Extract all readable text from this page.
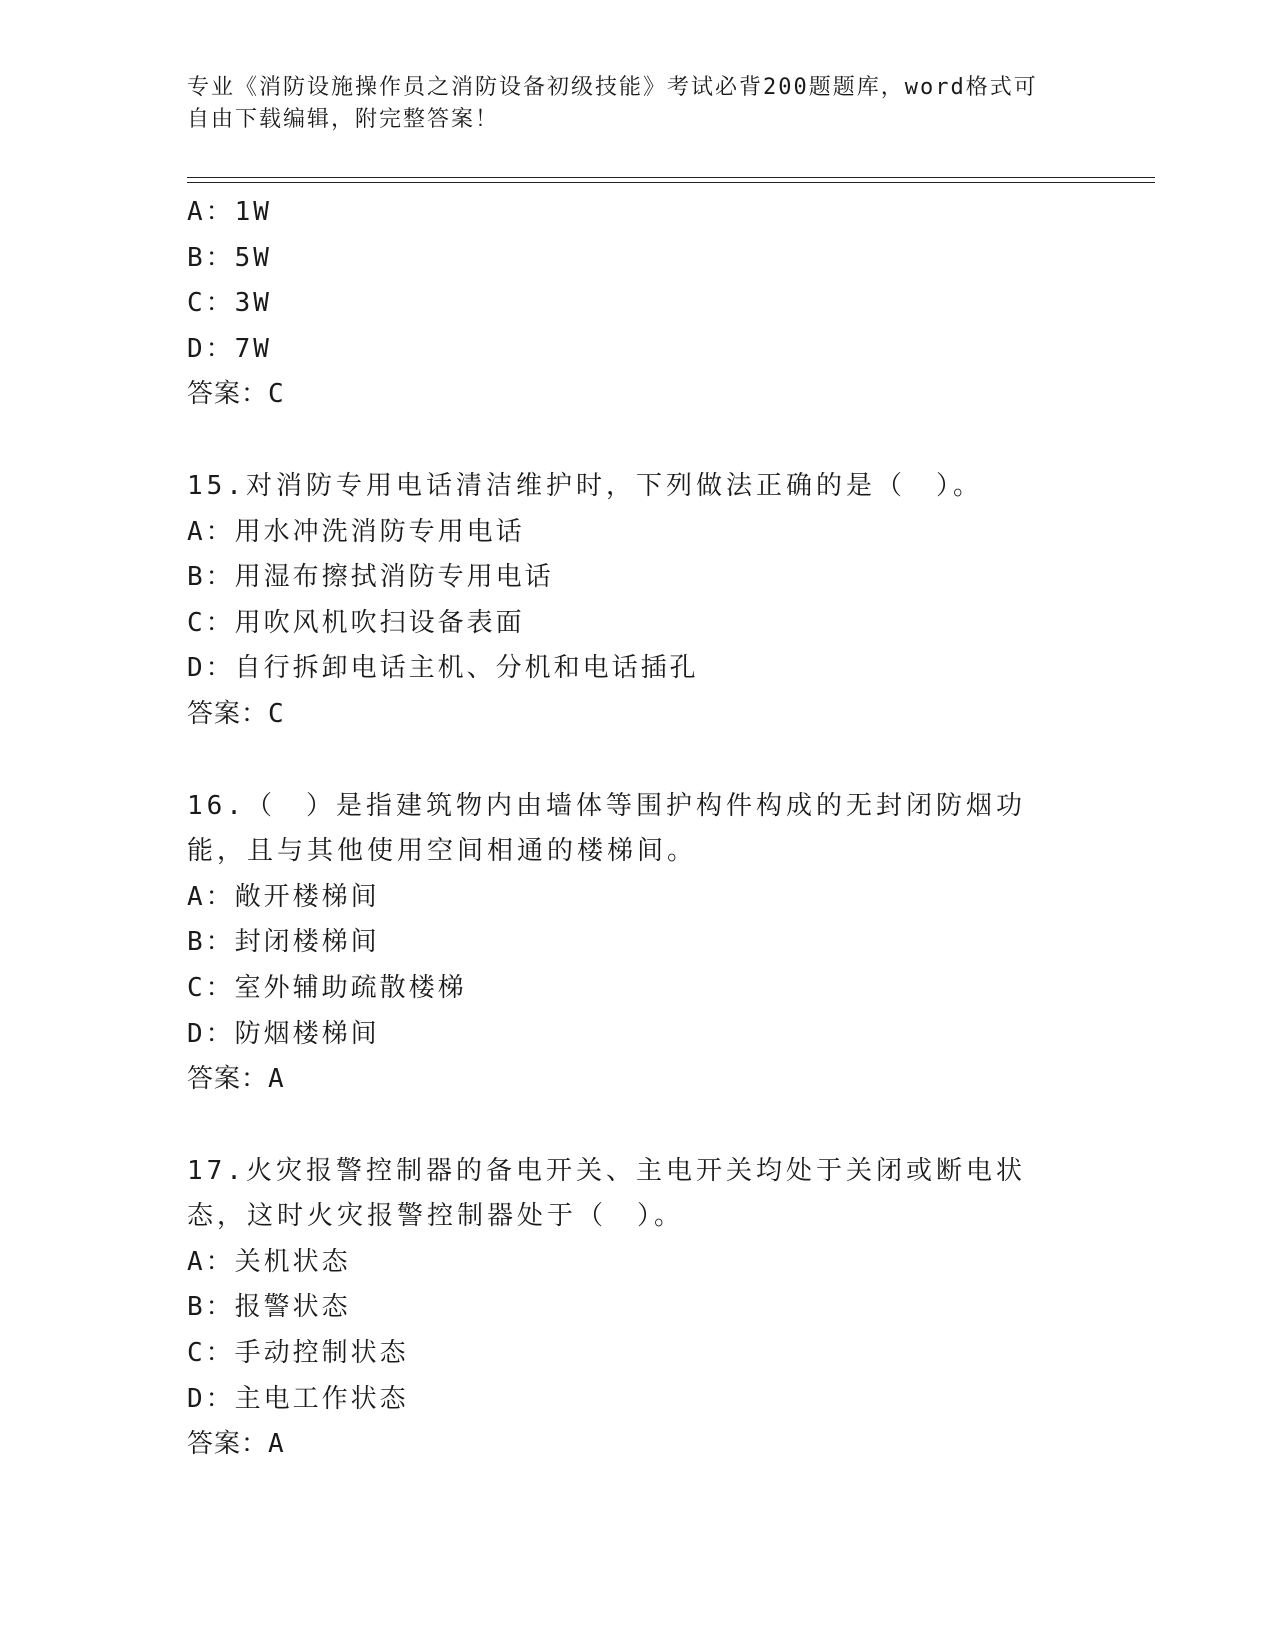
专业《消防设施操作员之消防设备初级技能》考试必背200题题库，word格式可
自由下载编辑，附完整答案！
A：1W
B：5W
C：3W
D：7W
答案：C
15.对消防专用电话清洁维护时，下列做法正确的是（　）。
A：用水冲洗消防专用电话
B：用湿布擦拭消防专用电话
C：用吹风机吹扫设备表面
D：自行拆卸电话主机、分机和电话插孔
答案：C
16.（　）是指建筑物内由墙体等围护构件构成的无封闭防烟功能，且与其他使用空间相通的楼梯间。
A：敞开楼梯间
B：封闭楼梯间
C：室外辅助疏散楼梯
D：防烟楼梯间
答案：A
17.火灾报警控制器的备电开关、主电开关均处于关闭或断电状态，这时火灾报警控制器处于（　）。
A：关机状态
B：报警状态
C：手动控制状态
D：主电工作状态
答案：A
